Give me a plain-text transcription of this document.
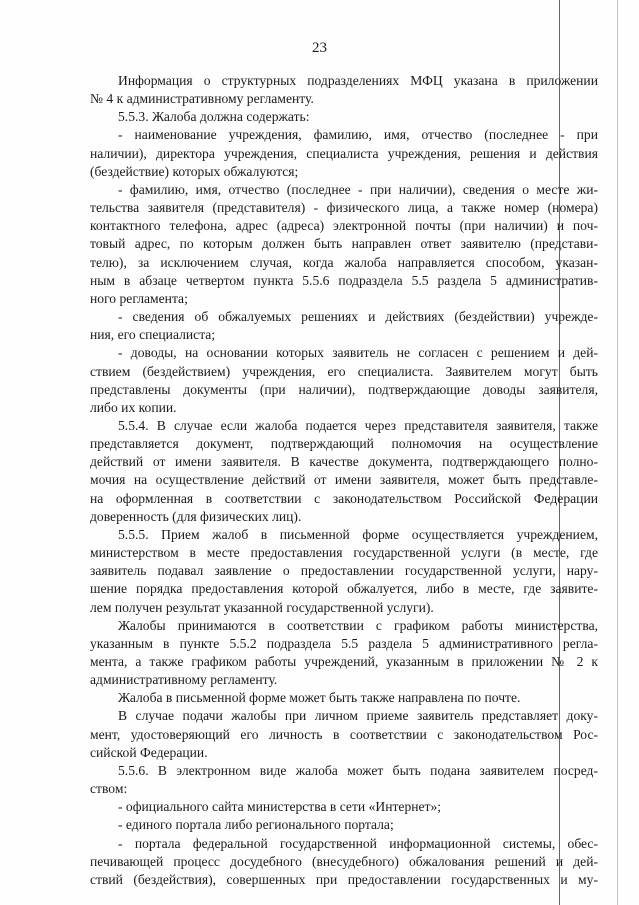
23
Информация о структурных подразделениях МФЦ указана в приложении
№ 4 к административному регламенту.
5.5.3. Жалоба должна содержать:
- наименование учреждения, фамилию, имя, отчество (последнее - при
наличии), директора учреждения, специалиста учреждения, решения и действия
(бездействие) которых обжалуются;
- фамилию, имя, отчество (последнее - при наличии), сведения о месте жи-
тельства заявителя (представителя) - физического лица, а также номер (номера)
контактного телефона, адрес (адреса) электронной почты (при наличии) и поч-
товый адрес, по которым должен быть направлен ответ заявителю (представи-
телю), за исключением случая, когда жалоба направляется способом, указан-
ным в абзаце четвертом пункта 5.5.6 подраздела 5.5 раздела 5 административ-
ного регламента;
- сведения об обжалуемых решениях и действиях (бездействии) учрежде-
ния, его специалиста;
- доводы, на основании которых заявитель не согласен с решением и дей-
ствием (бездействием) учреждения, его специалиста. Заявителем могут быть
представлены документы (при наличии), подтверждающие доводы заявителя,
либо их копии.
5.5.4. В случае если жалоба подается через представителя заявителя, также
представляется документ, подтверждающий полномочия на осуществление
действий от имени заявителя. В качестве документа, подтверждающего полно-
мочия на осуществление действий от имени заявителя, может быть представле-
на оформленная в соответствии с законодательством Российской Федерации
доверенность (для физических лиц).
5.5.5. Прием жалоб в письменной форме осуществляется учреждением,
министерством в месте предоставления государственной услуги (в месте, где
заявитель подавал заявление о предоставлении государственной услуги, нару-
шение порядка предоставления которой обжалуется, либо в месте, где заявите-
лем получен результат указанной государственной услуги).
Жалобы принимаются в соответствии с графиком работы министерства,
указанным в пункте 5.5.2 подраздела 5.5 раздела 5 административного регла-
мента, а также графиком работы учреждений, указанным в приложении № 2 к
административному регламенту.
Жалоба в письменной форме может быть также направлена по почте.
В случае подачи жалобы при личном приеме заявитель представляет доку-
мент, удостоверяющий его личность в соответствии с законодательством Рос-
сийской Федерации.
5.5.6. В электронном виде жалоба может быть подана заявителем посред-
ством:
- официального сайта министерства в сети «Интернет»;
- единого портала либо регионального портала;
- портала федеральной государственной информационной системы, обес-
печивающей процесс досудебного (внесудебного) обжалования решений и дей-
ствий (бездействия), совершенных при предоставлении государственных и му-
